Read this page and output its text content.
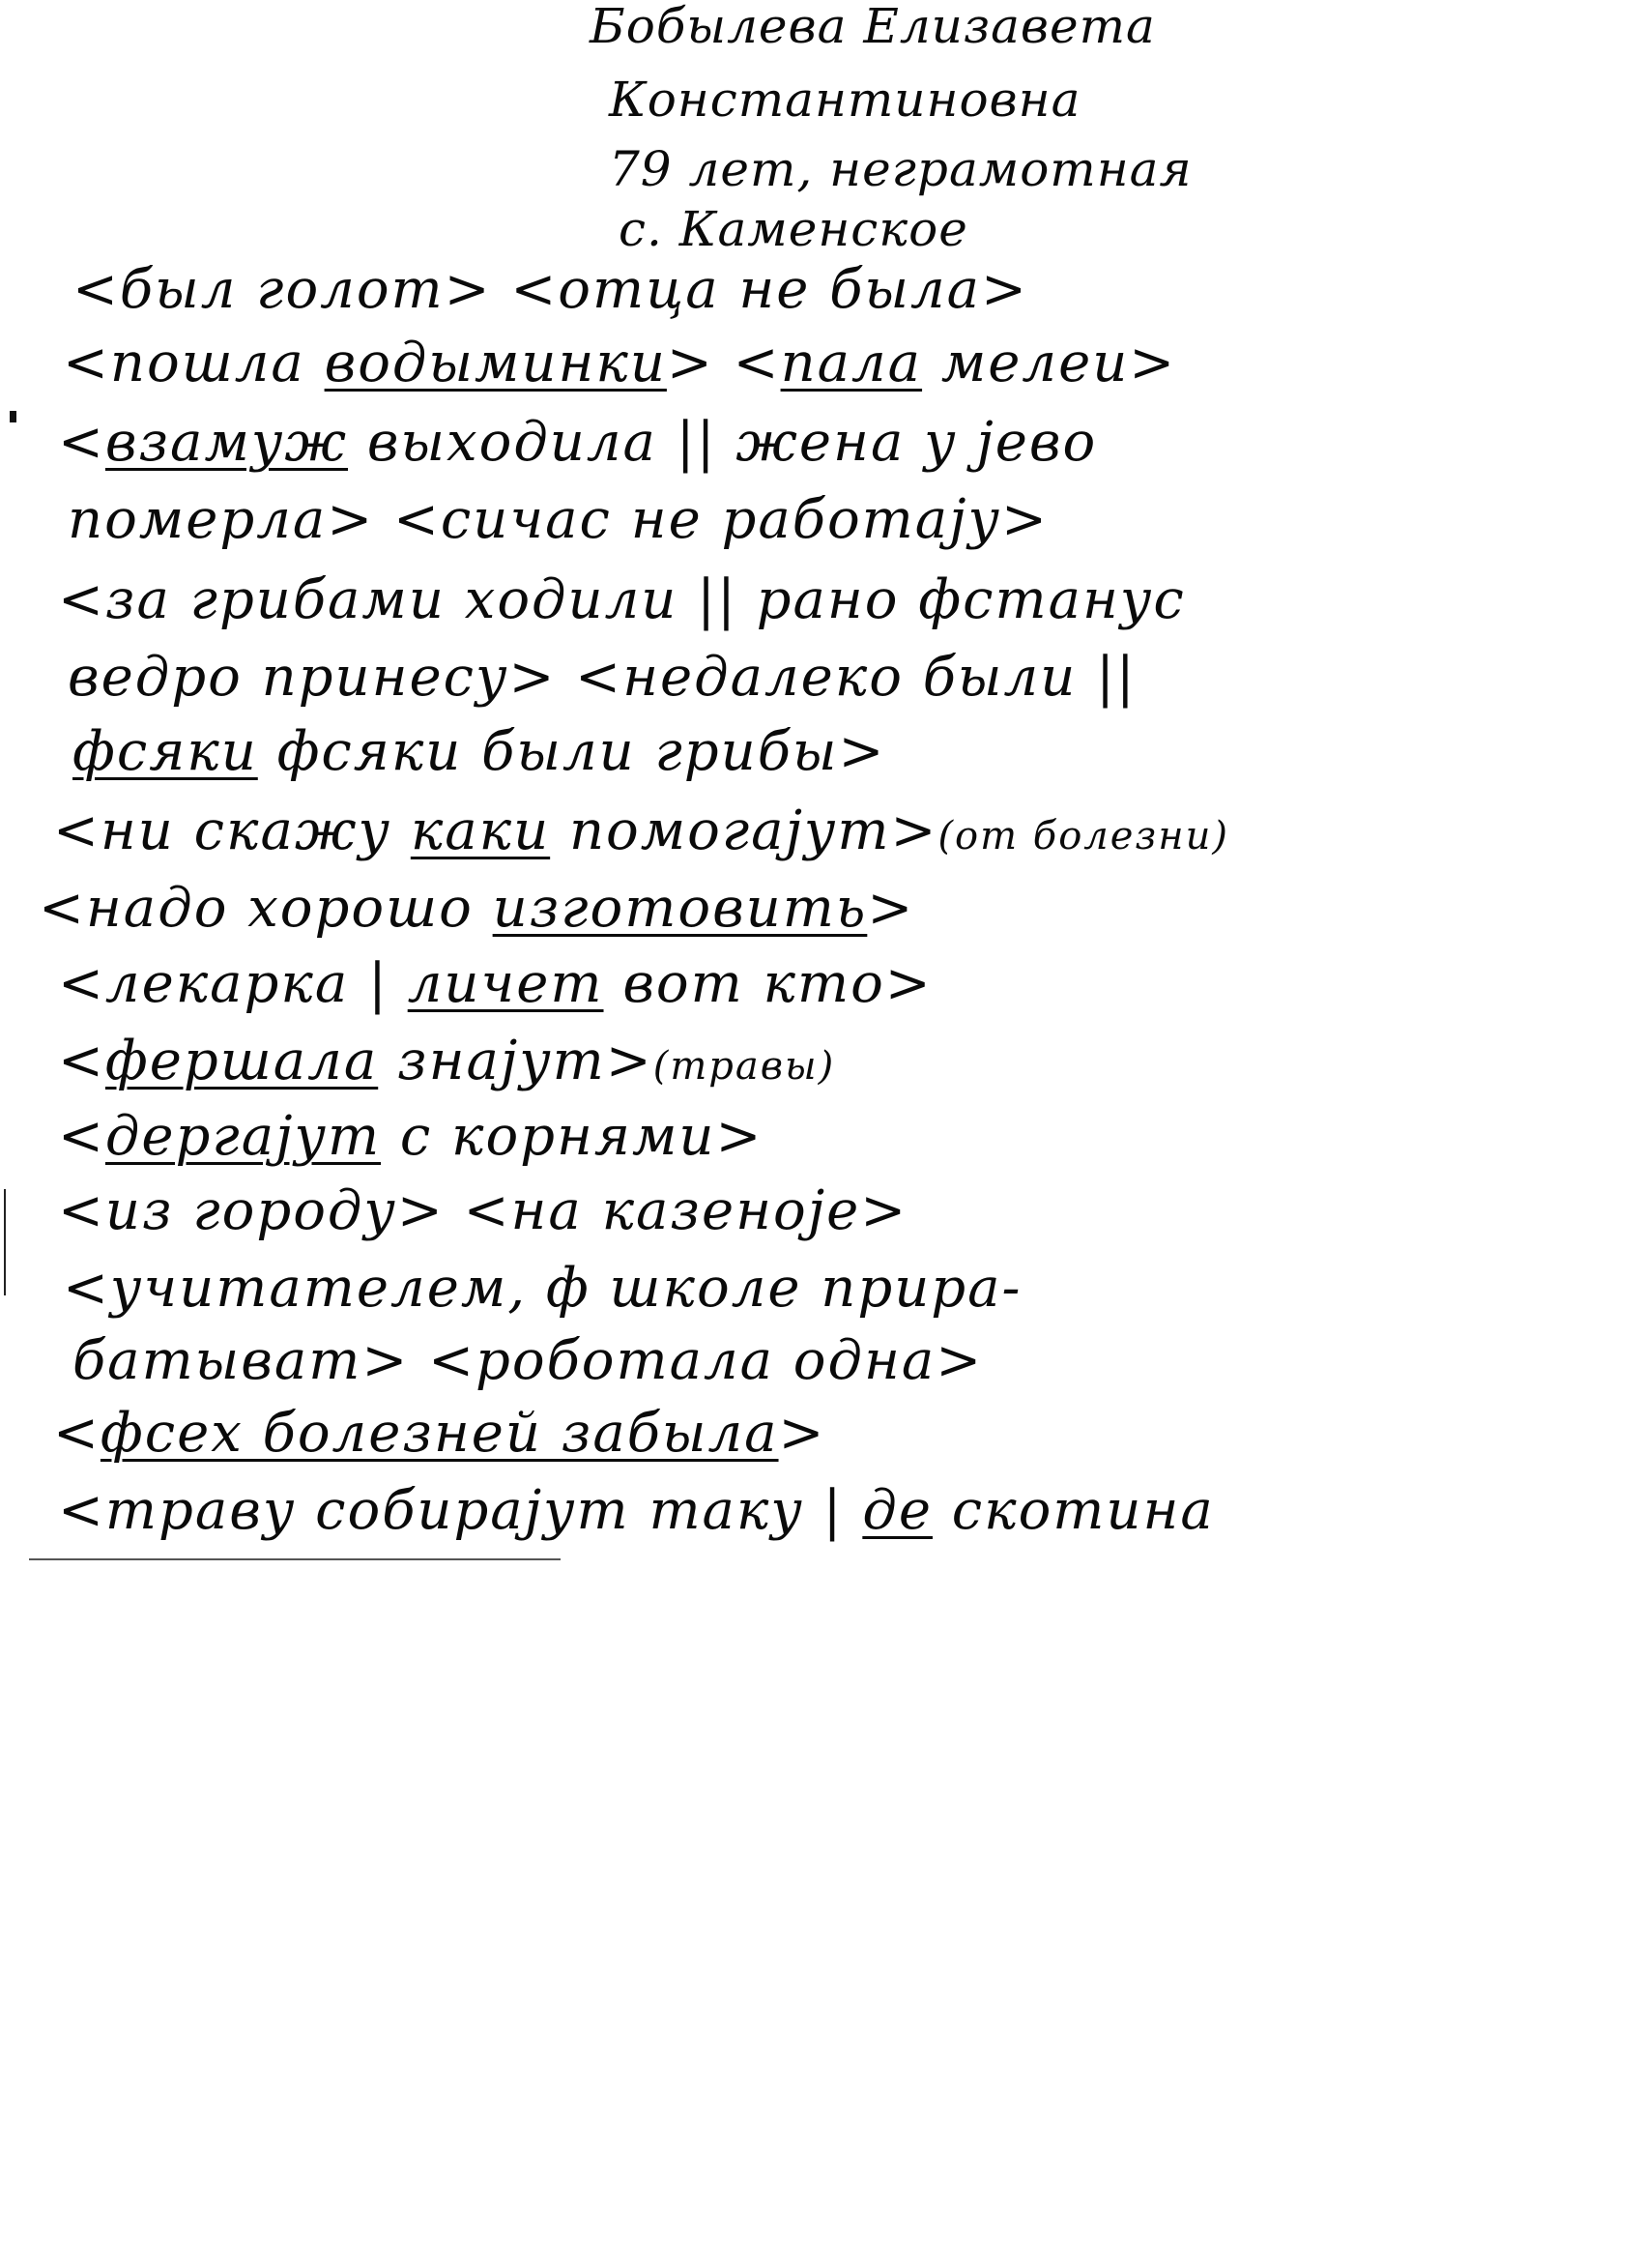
Бобылева Елизавета
Константиновна
79 лет, неграмотная
с. Каменское
<был голот> <отца не была>
<пошла водыминки> <пала мелеи>
<взамуж выходила || жена у јево
померла> <сичас не работају>
<за грибами ходили || рано фстанус
ведро принесу> <недалеко были ||
фсяки фсяки были грибы>
<ни скажу каки помогајут>(от болезни)
<надо хорошо изготовить>
<лекарка | личет вот кто>
<фершала знајут>(травы)
<дергајут с корнями>
<из городу> <на казеноје>
<учитателем, ф школе пpира-
батыват> <роботала одна>
<фсех болезней забыла>
<траву собирајут таку | де скотина
